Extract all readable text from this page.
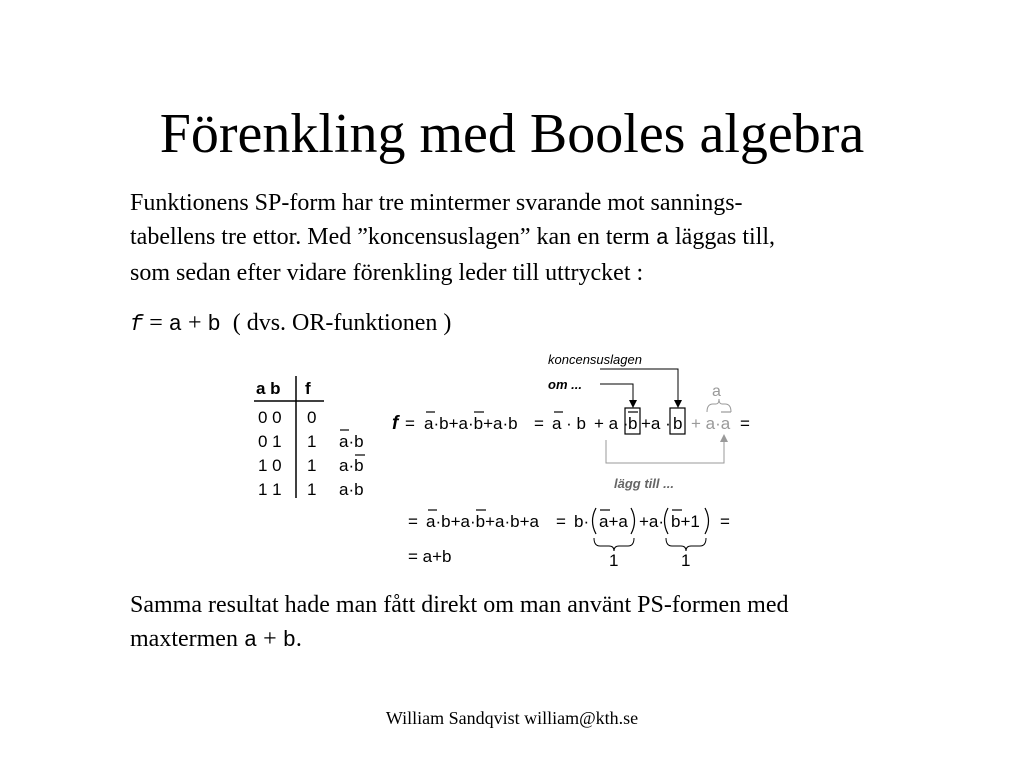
Förenkling med Booles algebra
Funktionens SP-form har tre mintermer svarande mot sannings-
tabellens tre ettor. Med ”koncensuslagen” kan en term a läggas till,
som sedan efter vidare förenkling leder till uttrycket :
f = a + b  ( dvs. OR-funktionen )
a b f
0 0 0
0 1 1 a·b
1 0 1 a·b
1 1 1 a·b
f = a·b+a·b+a·b = a · b + a · b +a · b + a·a =
koncensuslagen
om ...	a
lägg till ...
= a·b+a·b+a·b+a = b· a+a +a· b+1 =
1	1
= a+b
Samma resultat hade man fått direkt om man använt PS-formen med
maxtermen a + b.
William Sandqvist william@kth.se
